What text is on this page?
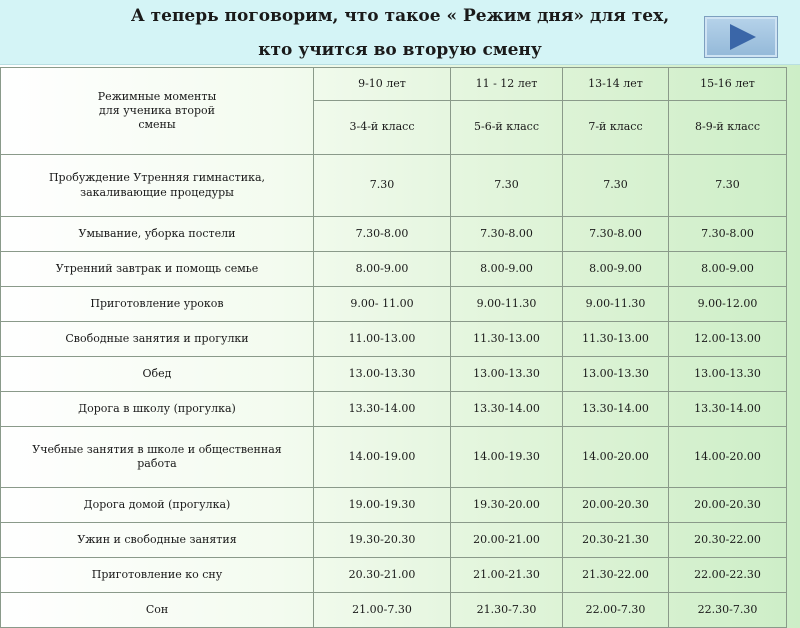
А теперь поговорим, что такое « Режим дня» для тех,
кто учится во вторую смену
Режимные моменты
для ученика второй
смены	9-10 лет	11 - 12 лет	13-14 лет	15-16 лет
	3-4-й класс	5-6-й класс	7-й класс	8-9-й класс

Пробуждение Утренняя гимнастика,
закаливающие процедуры	7.30	7.30	7.30	7.30
Умывание, уборка постели	7.30-8.00	7.30-8.00	7.30-8.00	7.30-8.00
Утренний завтрак и помощь семье	8.00-9.00	8.00-9.00	8.00-9.00	8.00-9.00
Приготовление уроков	9.00- 11.00	9.00-11.30	9.00-11.30	9.00-12.00
Свободные занятия и прогулки	11.00-13.00	11.30-13.00	11.30-13.00	12.00-13.00
Обед	13.00-13.30	13.00-13.30	13.00-13.30	13.00-13.30
Дорога в школу (прогулка)	13.30-14.00	13.30-14.00	13.30-14.00	13.30-14.00

Учебные занятия в школе и общественная
работа	14.00-19.00	14.00-19.30	14.00-20.00	14.00-20.00
Дорога домой (прогулка)	19.00-19.30	19.30-20.00	20.00-20.30	20.00-20.30
Ужин и свободные занятия	19.30-20.30	20.00-21.00	20.30-21.30	20.30-22.00
Приготовление ко сну	20.30-21.00	21.00-21.30	21.30-22.00	22.00-22.30
Сон	21.00-7.30	21.30-7.30	22.00-7.30	22.30-7.30
